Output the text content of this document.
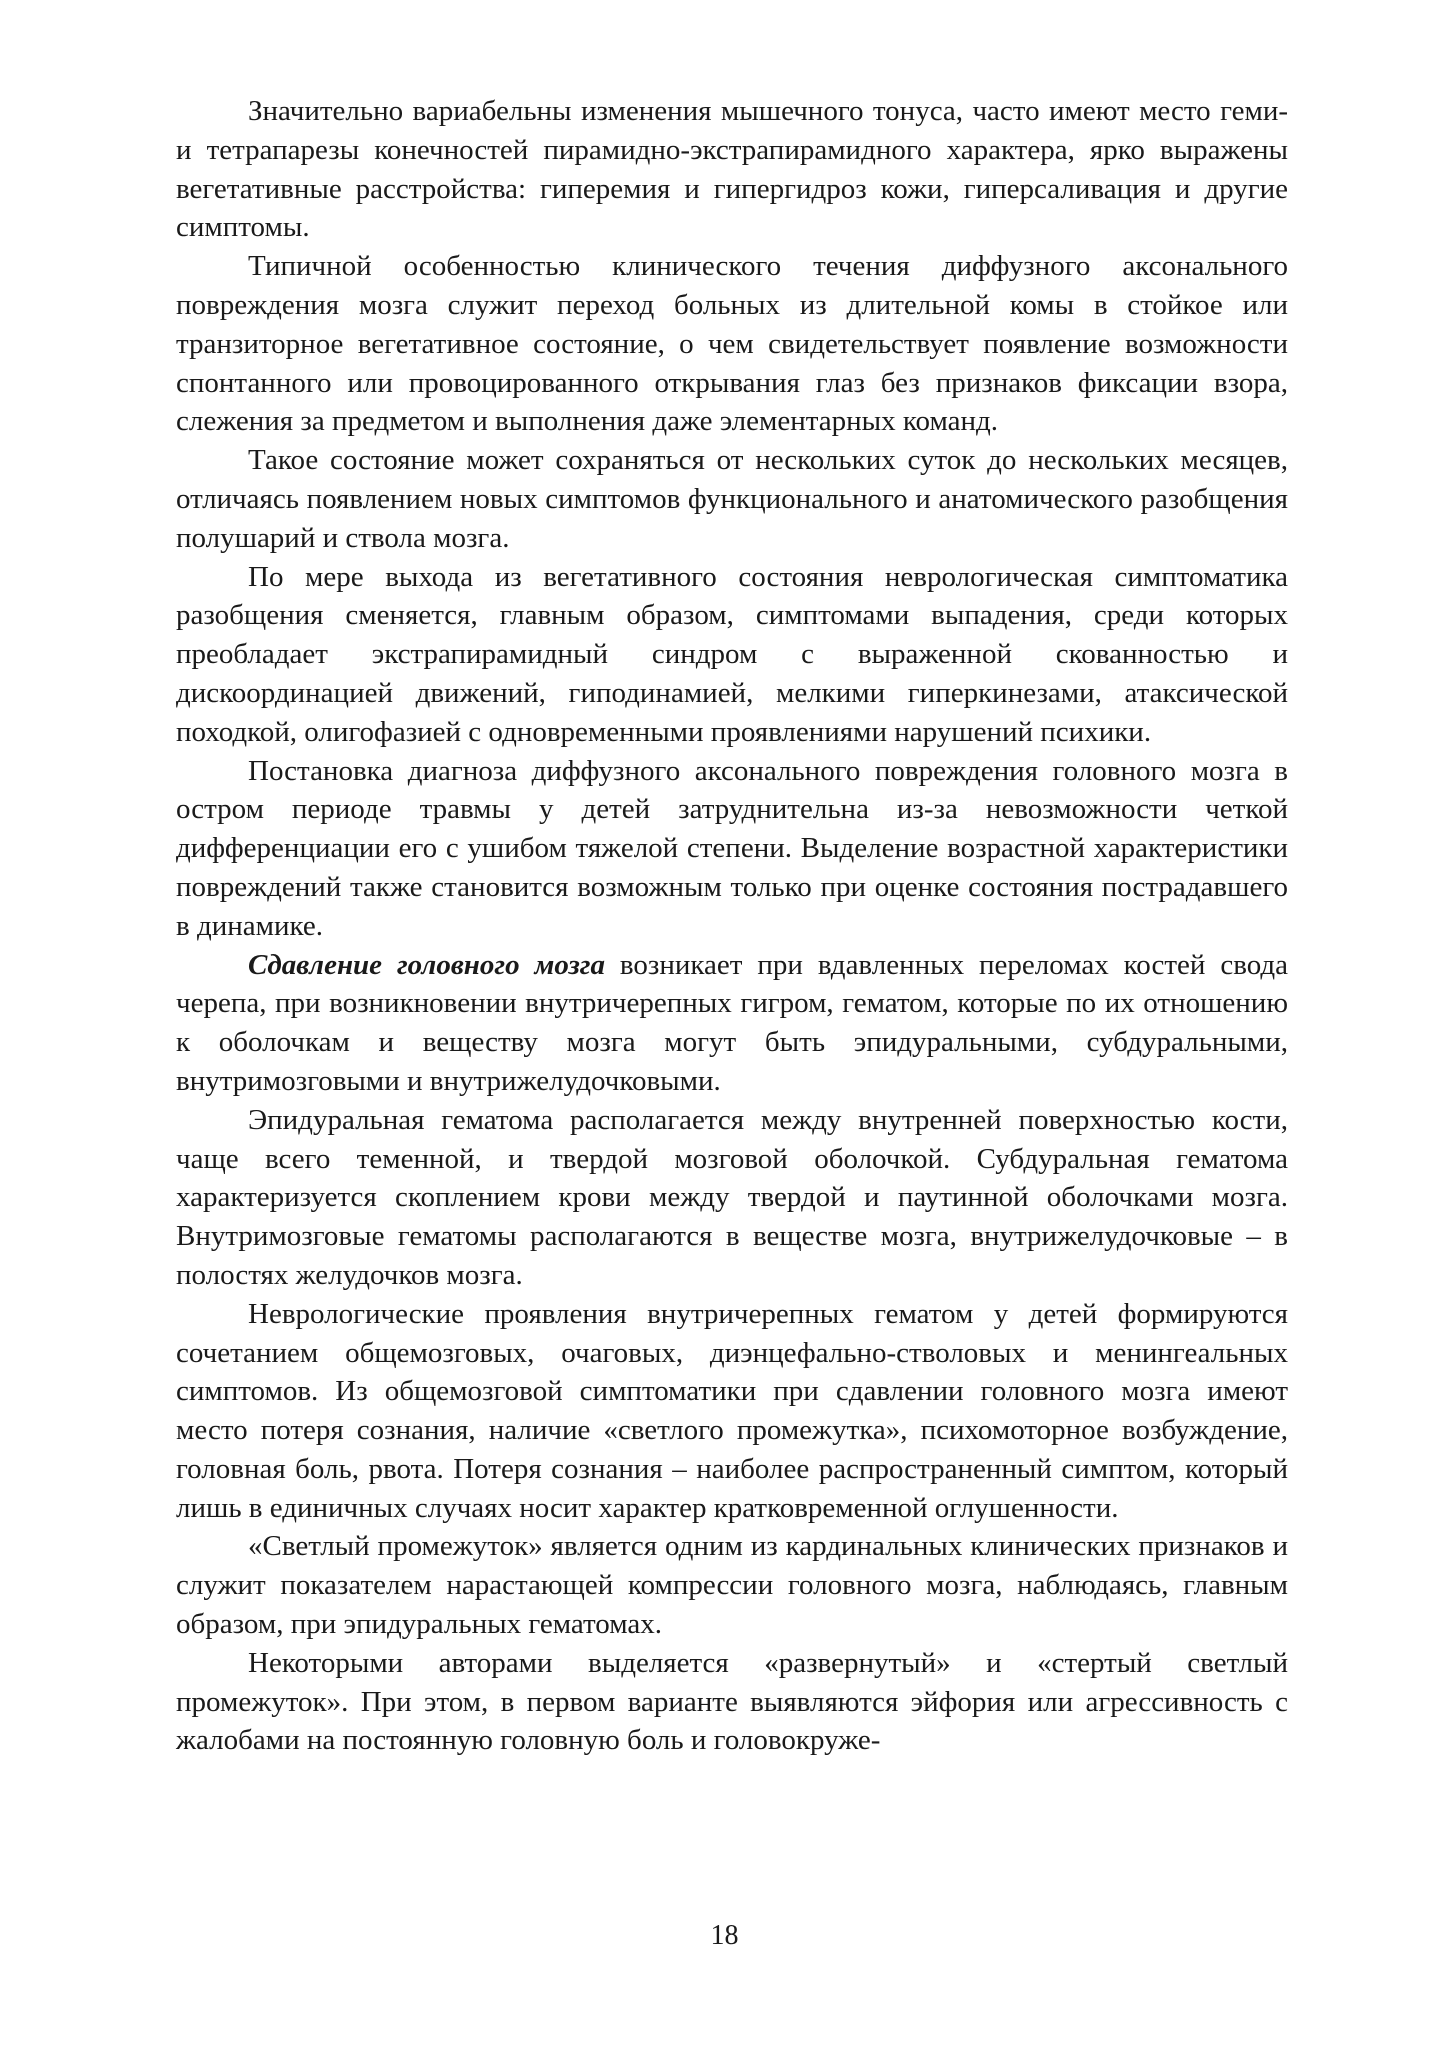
Значительно вариабельны изменения мышечного тонуса, часто имеют место геми- и тетрапарезы конечностей пирамидно-экстрапирамидного характера, ярко выражены вегетативные расстройства: гиперемия и гипергидроз кожи, гиперсаливация и другие симптомы.

Типичной особенностью клинического течения диффузного аксонального повреждения мозга служит переход больных из длительной комы в стойкое или транзиторное вегетативное состояние, о чем свидетельствует появление возможности спонтанного или провоцированного открывания глаз без признаков фиксации взора, слежения за предметом и выполнения даже элементарных команд.

Такое состояние может сохраняться от нескольких суток до нескольких месяцев, отличаясь появлением новых симптомов функционального и анатомического разобщения полушарий и ствола мозга.

По мере выхода из вегетативного состояния неврологическая симптоматика разобщения сменяется, главным образом, симптомами выпадения, среди которых преобладает экстрапирамидный синдром с выраженной скованностью и дискоординацией движений, гиподинамией, мелкими гиперкинезами, атаксической походкой, олигофазией с одновременными проявлениями нарушений психики.

Постановка диагноза диффузного аксонального повреждения головного мозга в остром периоде травмы у детей затруднительна из-за невозможности четкой дифференциации его с ушибом тяжелой степени. Выделение возрастной характеристики повреждений также становится возможным только при оценке состояния пострадавшего в динамике.

Сдавление головного мозга возникает при вдавленных переломах костей свода черепа, при возникновении внутричерепных гигром, гематом, которые по их отношению к оболочкам и веществу мозга могут быть эпидуральными, субдуральными, внутримозговыми и внутрижелудочковыми.

Эпидуральная гематома располагается между внутренней поверхностью кости, чаще всего теменной, и твердой мозговой оболочкой. Субдуральная гематома характеризуется скоплением крови между твердой и паутинной оболочками мозга. Внутримозговые гематомы располагаются в веществе мозга, внутрижелудочковые – в полостях желудочков мозга.

Неврологические проявления внутричерепных гематом у детей формируются сочетанием общемозговых, очаговых, диэнцефально-стволовых и менингеальных симптомов. Из общемозговой симптоматики при сдавлении головного мозга имеют место потеря сознания, наличие «светлого промежутка», психомоторное возбуждение, головная боль, рвота. Потеря сознания – наиболее распространенный симптом, который лишь в единичных случаях носит характер кратковременной оглушенности.

«Светлый промежуток» является одним из кардинальных клинических признаков и служит показателем нарастающей компрессии головного мозга, наблюдаясь, главным образом, при эпидуральных гематомах.

Некоторыми авторами выделяется «развернутый» и «стертый светлый промежуток». При этом, в первом варианте выявляются эйфория или агрессивность с жалобами на постоянную головную боль и головокруже-

18
